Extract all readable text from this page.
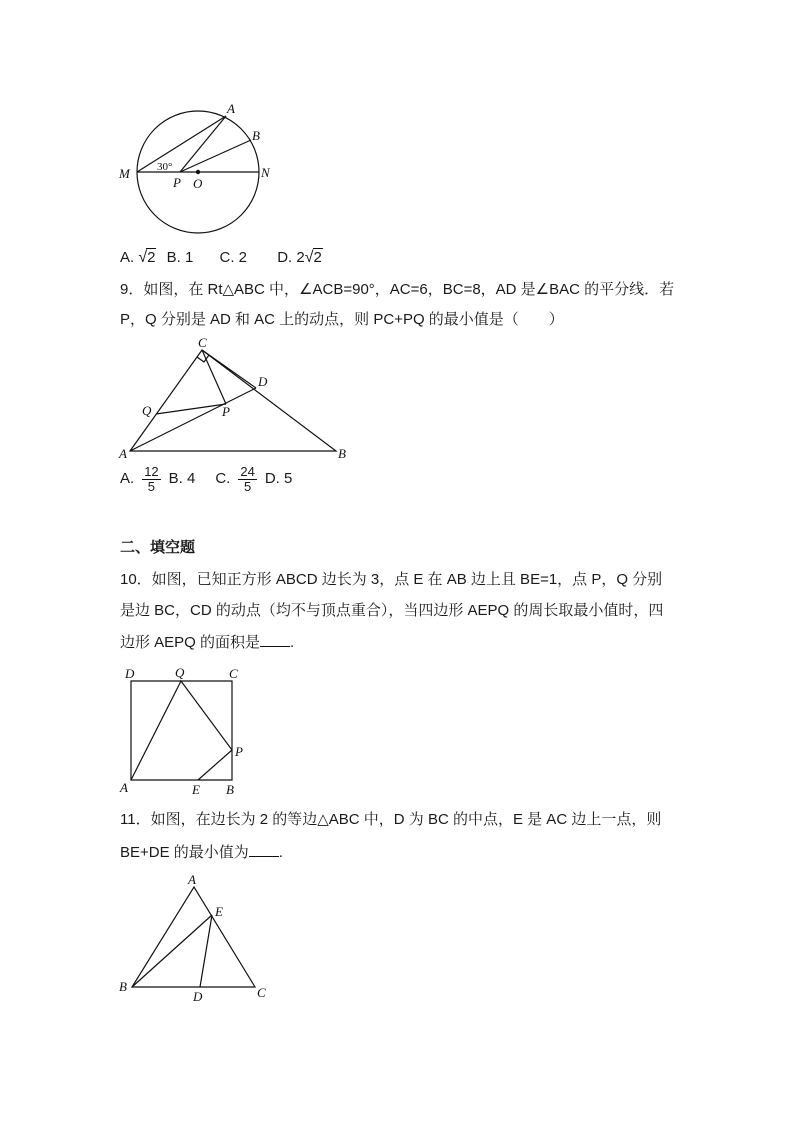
A
B
M	N
P O
30°
A. √2 B. 1 C. 2 D. 2√2
9．如图，在 Rt△ABC 中，∠ACB=90°，AC=6，BC=8，AD 是∠BAC 的平分线．若
P，Q 分别是 AD 和 AC 上的动点，则 PC+PQ 的最小值是（　　）
C
D
Q	P
A	B
A. $\frac{12}{5} B$. 4 C. $\frac{24}{5} D$. 5
二、填空题
10．如图，已知正方形 ABCD 边长为 3，点 E 在 AB 边上且 BE=1，点 P，Q 分别
是边 BC，CD 的动点（均不与顶点重合），当四边形 AEPQ 的周长取最小值时，四
边形 AEPQ 的面积是 .
D	Q	C
P
A	E B
11．如图，在边长为 2 的等边△ABC 中，D 为 BC 的中点，E 是 AC 边上一点，则
BE+DE 的最小值为 .
A
E
B
D	C
